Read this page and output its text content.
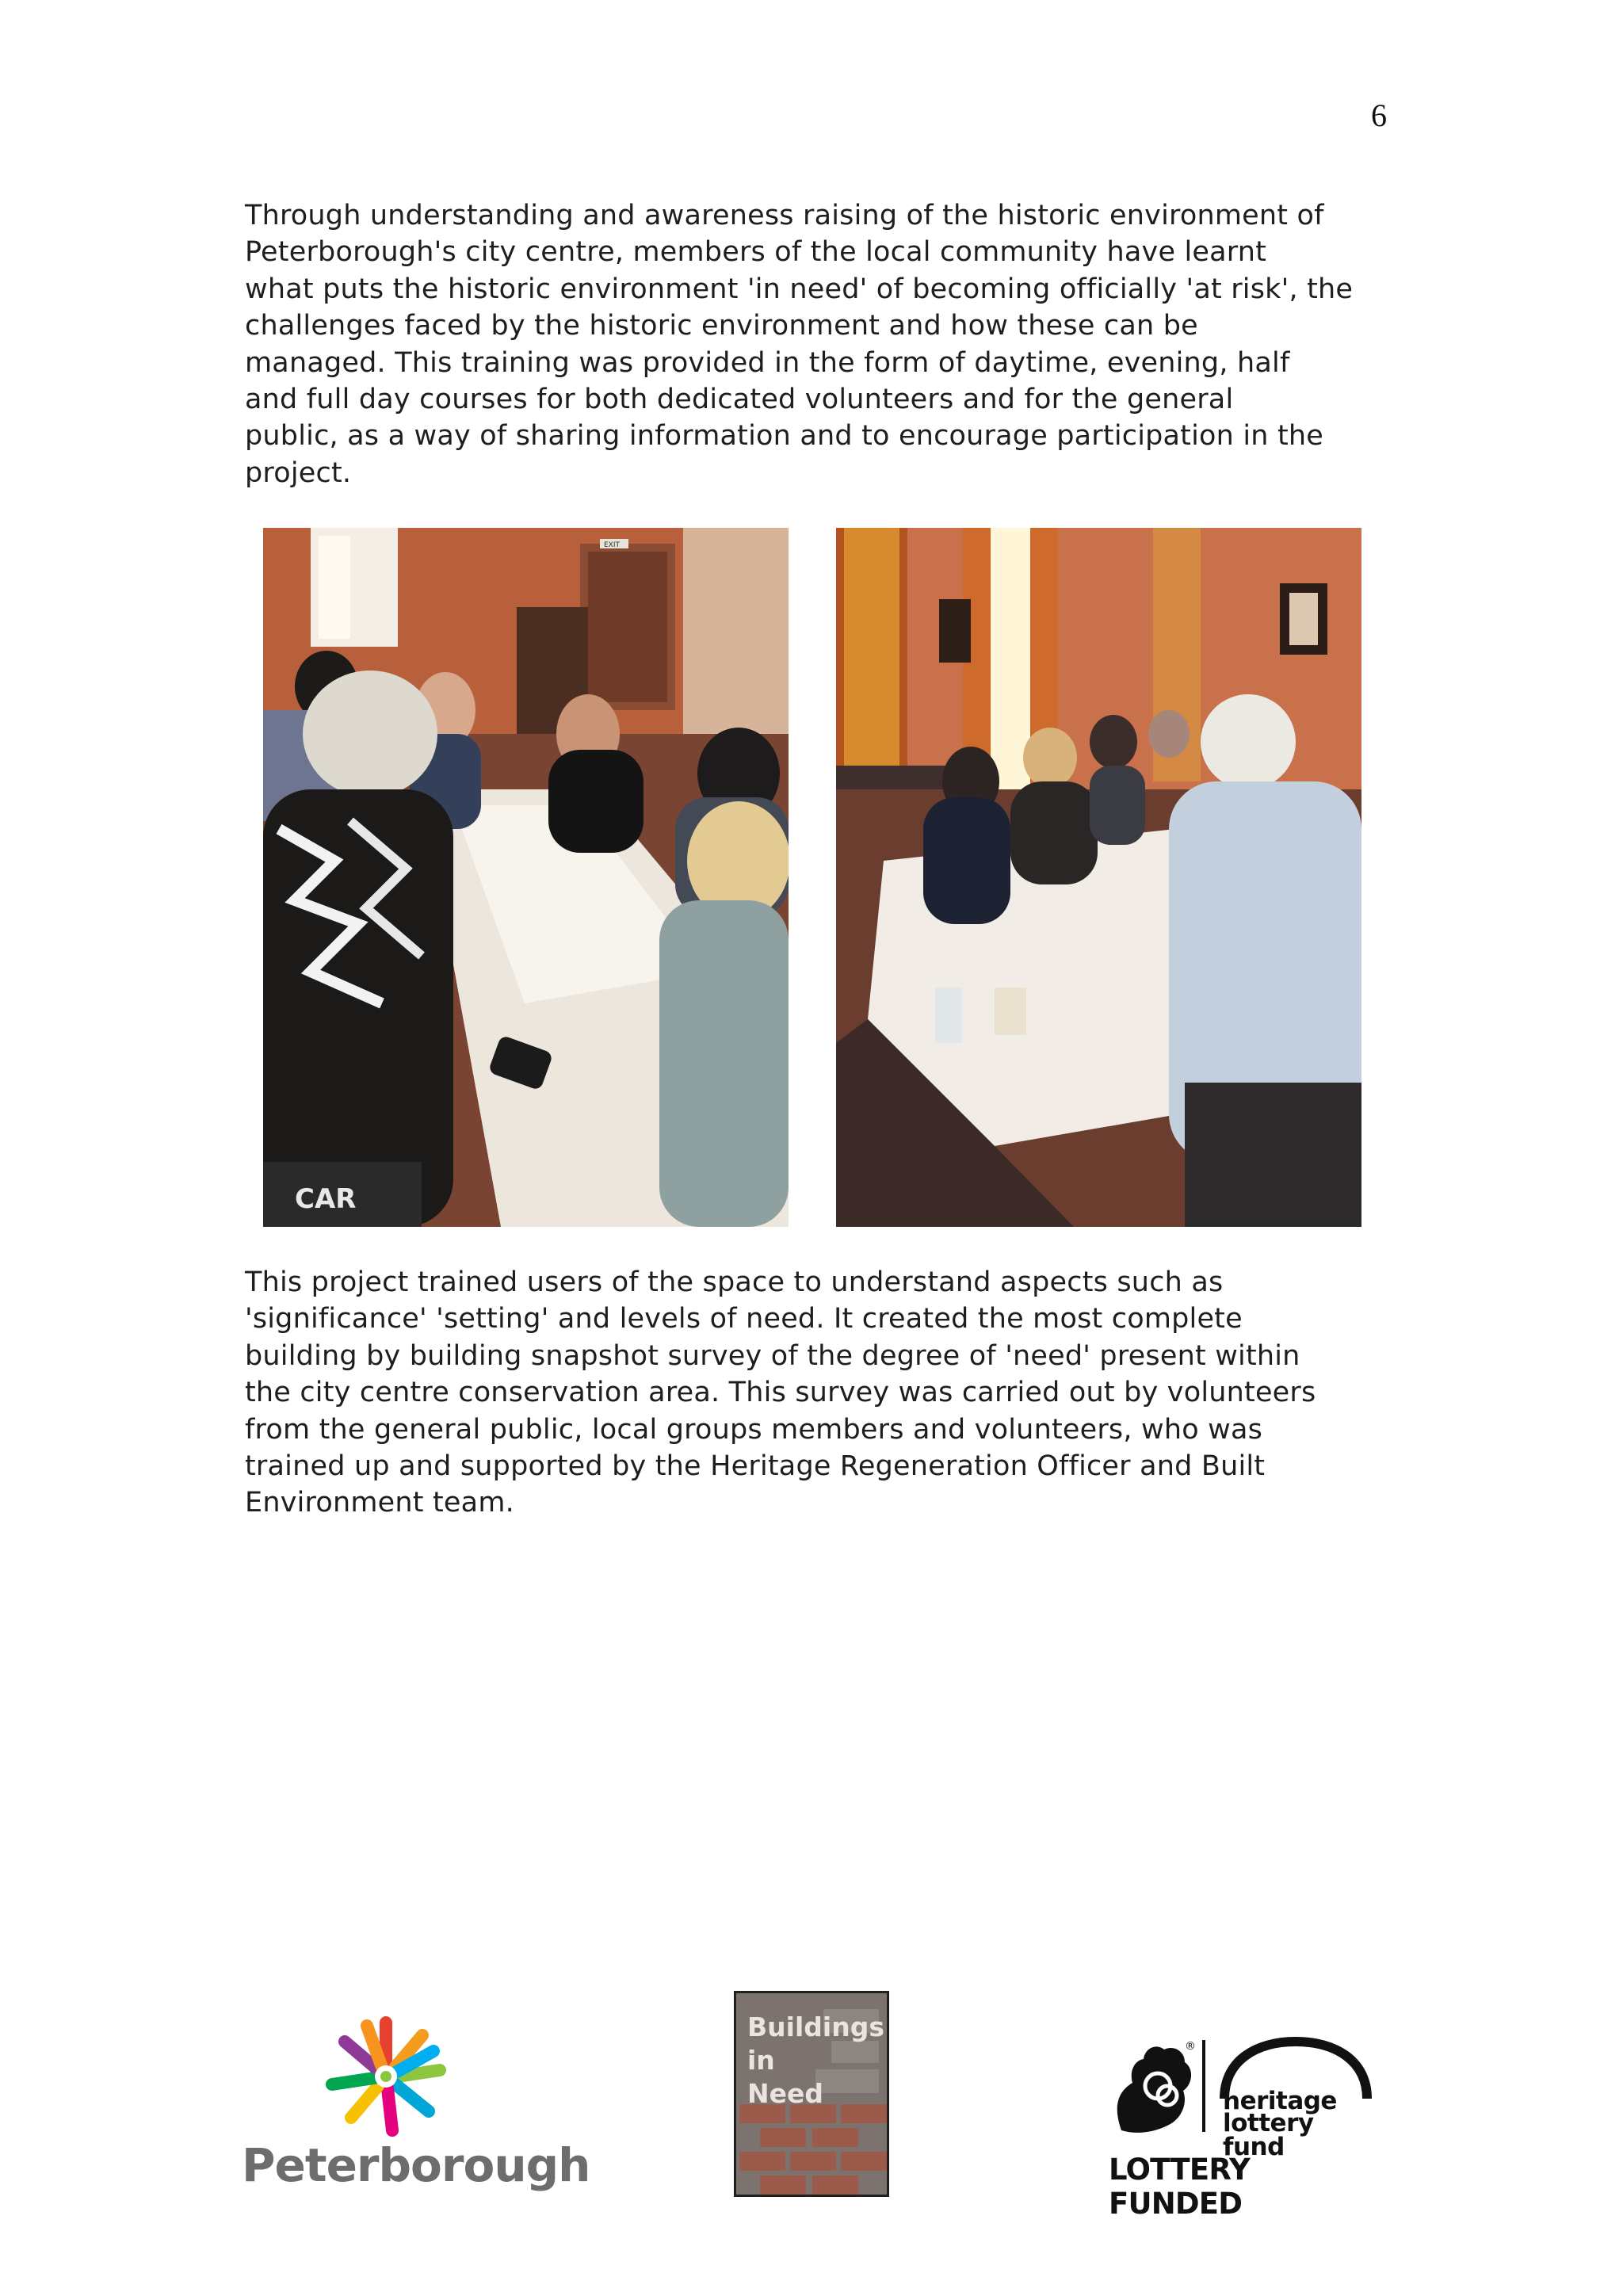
6
Through understanding and awareness raising of the historic environment of
Peterborough's city centre, members of the local community have learnt
what puts the historic environment 'in need' of becoming officially 'at risk', the
challenges faced by the historic environment and how these can be
managed. This training was provided in the form of daytime, evening, half
and full day courses for both dedicated volunteers and for the general
public, as a way of sharing information and to encourage participation in the
project.
EXIT
CAR
This project trained users of the space to understand aspects such as
'significance' 'setting' and levels of need. It created the most complete
building by building snapshot survey of the degree of 'need' present within
the city centre conservation area. This survey was carried out by volunteers
from the general public, local groups members and volunteers, who was
trained up and supported by the Heritage Regeneration Officer and Built
Environment team.
Peterborough
Buildings
in
Need
®
heritage
lottery fund
LOTTERY FUNDED
